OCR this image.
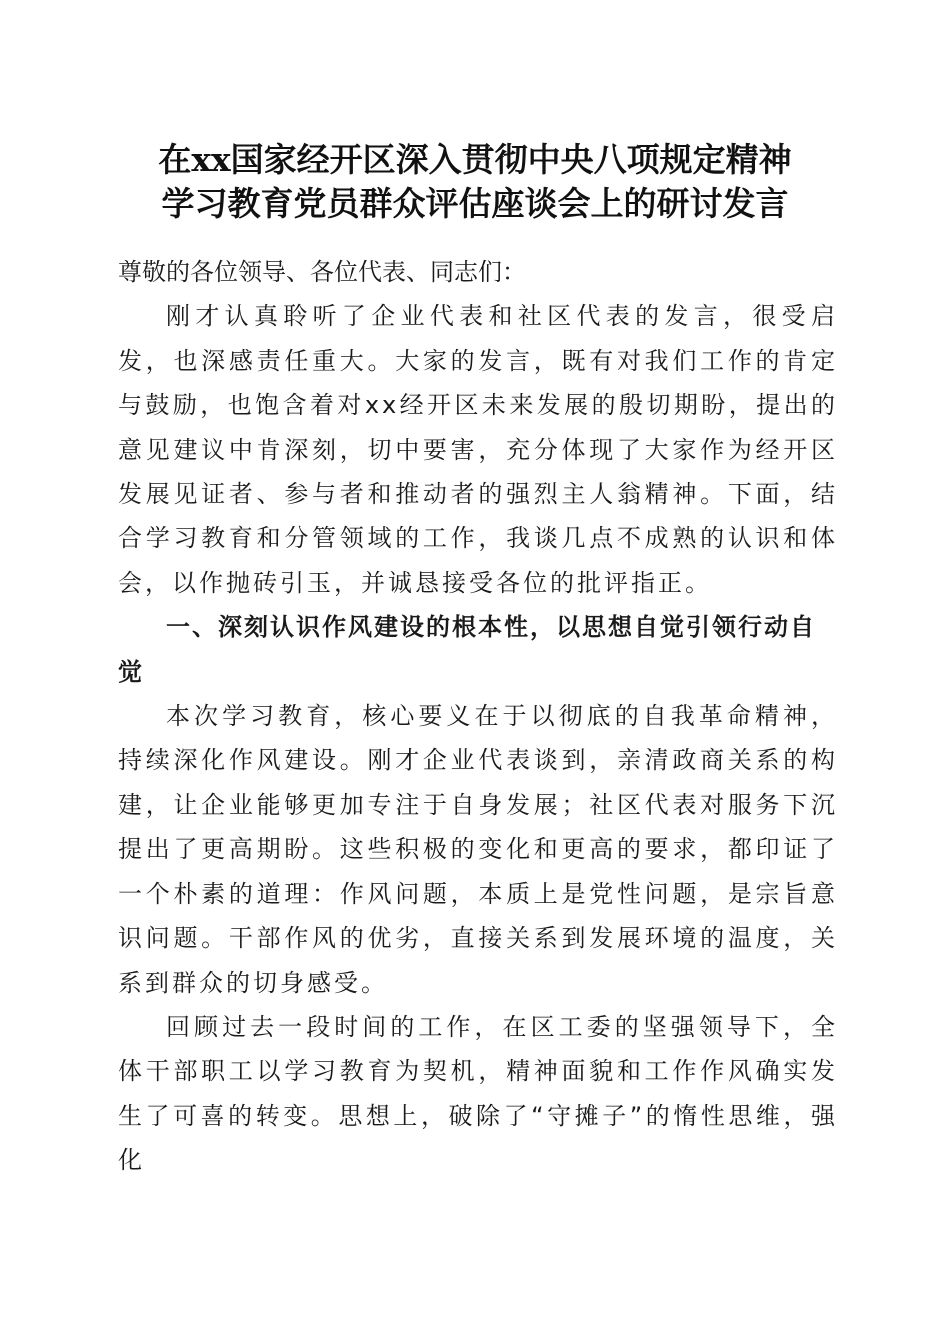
在xx国家经开区深入贯彻中央八项规定精神
学习教育党员群众评估座谈会上的研讨发言

尊敬的各位领导、各位代表、同志们：

刚才认真聆听了企业代表和社区代表的发言，很受启发，也深感责任重大。大家的发言，既有对我们工作的肯定与鼓励，也饱含着对xx经开区未来发展的殷切期盼，提出的意见建议中肯深刻，切中要害，充分体现了大家作为经开区发展见证者、参与者和推动者的强烈主人翁精神。下面，结合学习教育和分管领域的工作，我谈几点不成熟的认识和体会，以作抛砖引玉，并诚恳接受各位的批评指正。

一、深刻认识作风建设的根本性，以思想自觉引领行动自觉

本次学习教育，核心要义在于以彻底的自我革命精神，持续深化作风建设。刚才企业代表谈到，亲清政商关系的构建，让企业能够更加专注于自身发展；社区代表对服务下沉提出了更高期盼。这些积极的变化和更高的要求，都印证了一个朴素的道理：作风问题，本质上是党性问题，是宗旨意识问题。干部作风的优劣，直接关系到发展环境的温度，关系到群众的切身感受。

回顾过去一段时间的工作，在区工委的坚强领导下，全体干部职工以学习教育为契机，精神面貌和工作作风确实发生了可喜的转变。思想上，破除了“守摊子”的惰性思维，强化
